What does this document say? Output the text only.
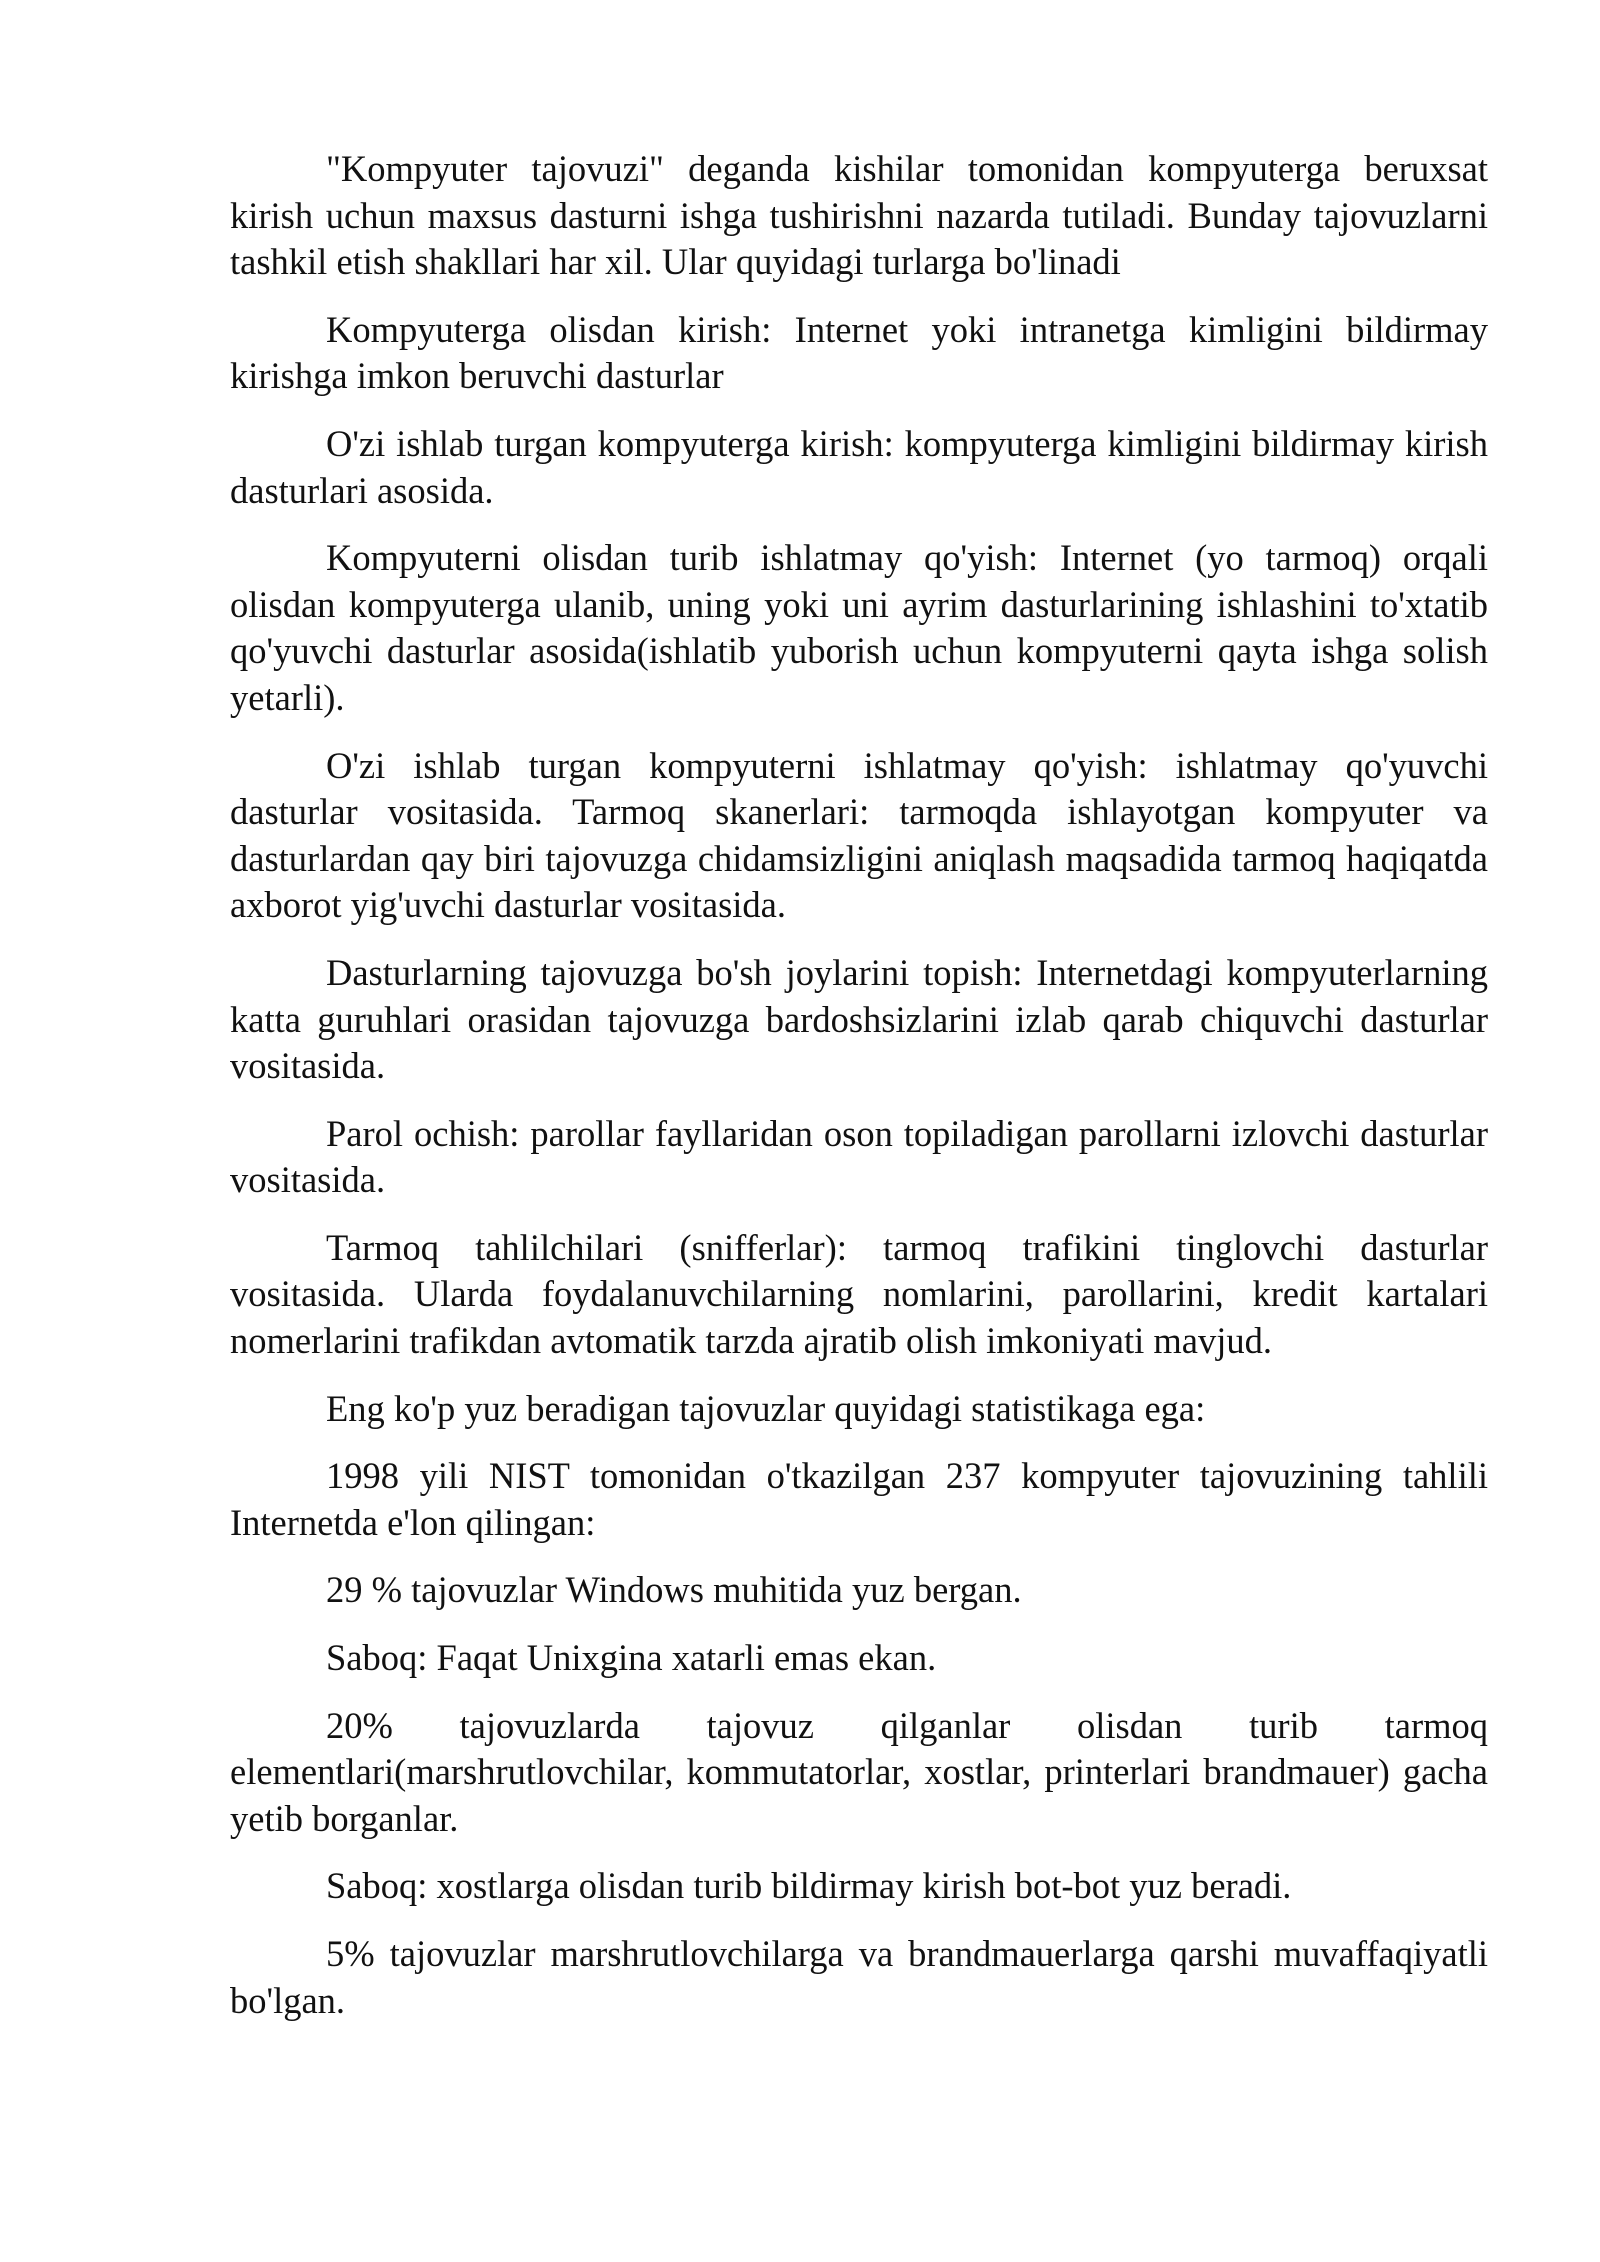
"Kompyuter tajovuzi" deganda kishilar tomonidan kompyuterga beruxsat kirish uchun maxsus dasturni ishga tushirishni nazarda tutiladi. Bunday tajovuzlarni tashkil etish shakllari har xil. Ular quyidagi turlarga bo'linadi

Kompyuterga olisdan kirish: Internet yoki intranetga kimligini bildirmay kirishga imkon beruvchi dasturlar

O'zi ishlab turgan kompyuterga kirish: kompyuterga kimligini bildirmay kirish dasturlari asosida.

Kompyuterni olisdan turib ishlatmay qo'yish: Internet (yo tarmoq) orqali olisdan kompyuterga ulanib, uning yoki uni ayrim dasturlarining ishlashini to'xtatib qo'yuvchi dasturlar asosida(ishlatib yuborish uchun kompyuterni qayta ishga solish yetarli).

O'zi ishlab turgan kompyuterni ishlatmay qo'yish: ishlatmay qo'yuvchi dasturlar vositasida. Tarmoq skanerlari: tarmoqda ishlayotgan kompyuter va dasturlardan qay biri tajovuzga chidamsizligini aniqlash maqsadida tarmoq haqiqatda axborot yig'uvchi dasturlar vositasida.

Dasturlarning tajovuzga bo'sh joylarini topish: Internetdagi kompyuterlarning katta guruhlari orasidan tajovuzga bardoshsizlarini izlab qarab chiquvchi dasturlar vositasida.

Parol ochish: parollar fayllaridan oson topiladigan parollarni izlovchi dasturlar vositasida.

Tarmoq tahlilchilari (snifferlar): tarmoq trafikini tinglovchi dasturlar vositasida. Ularda foydalanuvchilarning nomlarini, parollarini, kredit kartalari nomerlarini trafikdan avtomatik tarzda ajratib olish imkoniyati mavjud.

Eng ko'p yuz beradigan tajovuzlar quyidagi statistikaga ega:

1998 yili NIST tomonidan o'tkazilgan 237 kompyuter tajovuzining tahlili Internetda e'lon qilingan:

29 % tajovuzlar Windows muhitida yuz bergan.

Saboq: Faqat Unixgina xatarli emas ekan.

20% tajovuzlarda tajovuz qilganlar olisdan turib tarmoq elementlari(marshrutlovchilar, kommutatorlar, xostlar, printerlari brandmauer) gacha yetib borganlar.

Saboq: xostlarga olisdan turib bildirmay kirish bot-bot yuz beradi.

5% tajovuzlar marshrutlovchilarga va brandmauerlarga qarshi muvaffaqiyatli bo'lgan.
